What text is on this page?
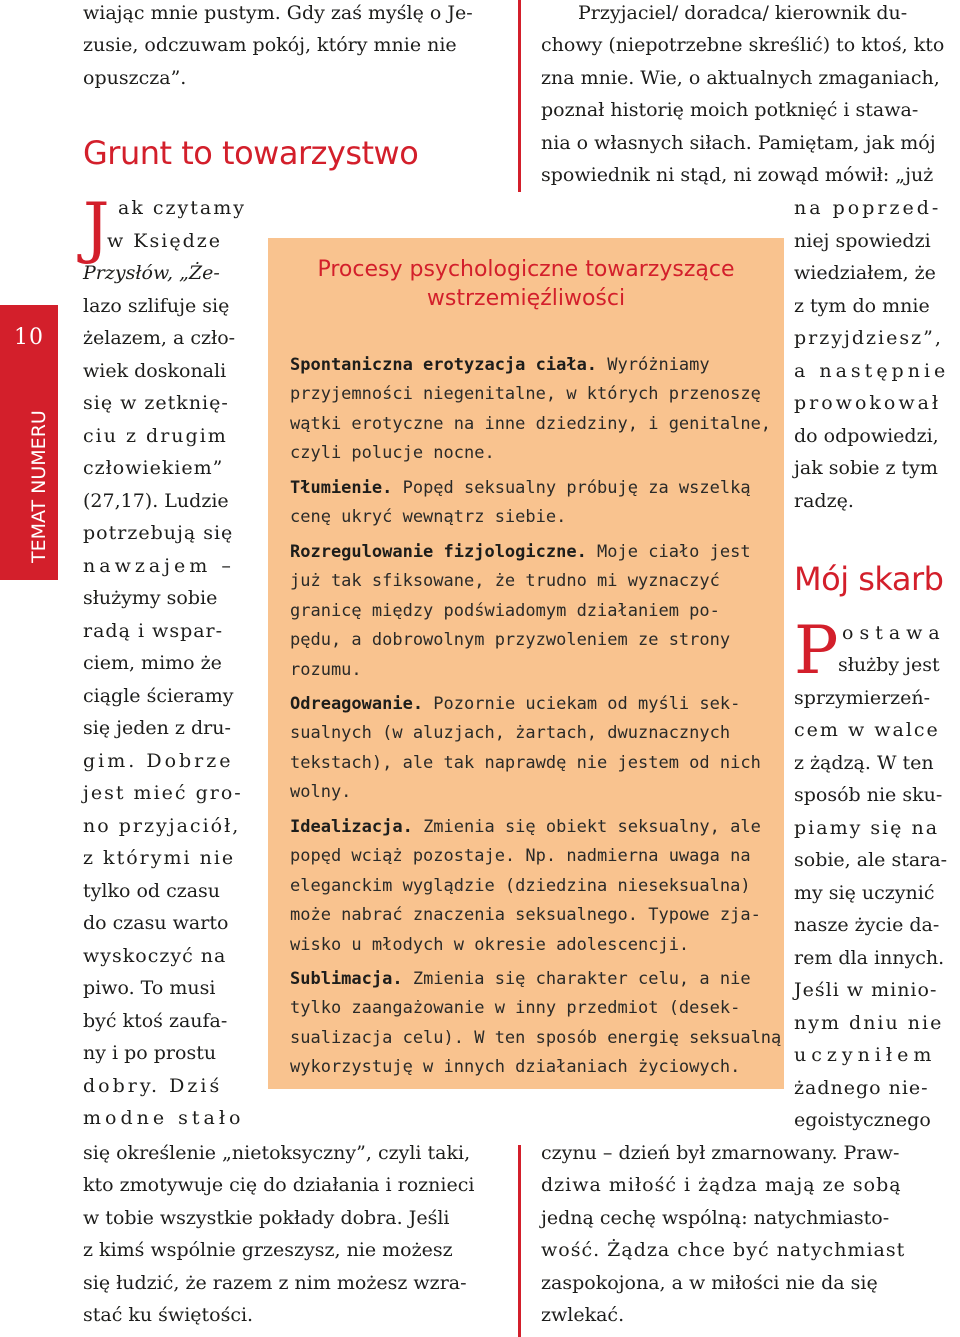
10
TEMAT NUMERU
wiając mnie pustym. Gdy zaś myślę o Je-
zusie, odczuwam pokój, który mnie nie
opuszcza”.
Grunt to towarzystwo
J ak czytamy
w Księdze
Przysłów, „Że-
lazo szlifuje się
żelazem, a czło-
wiek doskonali
się w zetknię-
ciu z drugim
człowiekiem”
(27,17). Ludzie
potrzebują się
nawzajem –
służymy sobie
radą i wspar-
ciem, mimo że
ciągle ścieramy
się jeden z dru-
gim. Dobrze
jest mieć gro-
no przyjaciół,
z którymi nie
tylko od czasu
do czasu warto
wyskoczyć na
piwo. To musi
być ktoś zaufa-
ny i po prostu
dobry. Dziś
modne stało
się określenie „nietoksyczny”, czyli taki,
kto zmotywuje cię do działania i roznieci
w tobie wszystkie pokłady dobra. Jeśli
z kimś wspólnie grzeszysz, nie możesz
się łudzić, że razem z nim możesz wzra-
stać ku świętości.
Przyjaciel/ doradca/ kierownik du-
chowy (niepotrzebne skreślić) to ktoś, kto
zna mnie. Wie, o aktualnych zmaganiach,
poznał historię moich potknięć i stawa-
nia o własnych siłach. Pamiętam, jak mój
spowiednik ni stąd, ni zowąd mówił: „już
na poprzed-
niej spowiedzi
wiedziałem, że
z tym do mnie
przyjdziesz”,
a następnie
prowokował
do odpowiedzi,
jak sobie z tym
radzę.
Mój skarb
P ostawa
służby jest
sprzymierzeń-
cem w walce
z żądzą. W ten
sposób nie sku-
piamy się na
sobie, ale stara-
my się uczynić
nasze życie da-
rem dla innych.
Jeśli w miniо-
nym dniu nie
uczyniłem
żadnego nie-
egoistycznego
czynu – dzień był zmarnowany. Praw-
dziwa miłość i żądza mają ze sobą
jedną cechę wspólną: natychmiasto-
wość. Żądza chce być natychmiast
zaspokojona, a w miłości nie da się
zwlekać.
Procesy psychologiczne towarzyszące
wstrzemięźliwości
Spontaniczna erotyzacja ciała. Wyróżniamy
przyjemności niegenitalne, w których przenoszę
wątki erotyczne na inne dziedziny, i genitalne,
czyli polucje nocne.
Tłumienie. Popęd seksualny próbuję za wszelką
cenę ukryć wewnątrz siebie.
Rozregulowanie fizjologiczne. Moje ciało jest
już tak sfiksowane, że trudno mi wyznaczyć
granicę między podświadomym działaniem po-
pędu, a dobrowolnym przyzwoleniem ze strony
rozumu.
Odreagowanie. Pozornie uciekam od myśli sek-
sualnych (w aluzjach, żartach, dwuznacznych
tekstach), ale tak naprawdę nie jestem od nich
wolny.
Idealizacja. Zmienia się obiekt seksualny, ale
popęd wciąż pozostaje. Np. nadmierna uwaga na
eleganckim wyglądzie (dziedzina nieseksualna)
może nabrać znaczenia seksualnego. Typowe zja-
wisko u młodych w okresie adolescencji.
Sublimacja. Zmienia się charakter celu, a nie
tylko zaangażowanie w inny przedmiot (desek-
sualizacja celu). W ten sposób energię seksualną
wykorzystuję w innych działaniach życiowych.
